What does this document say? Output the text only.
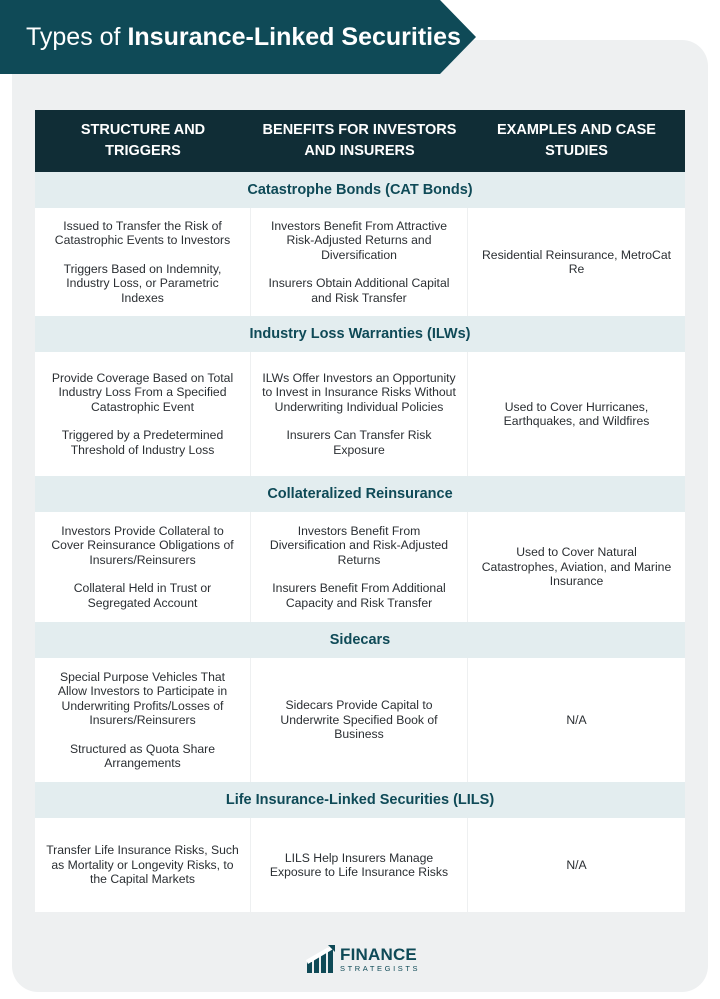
Types of Insurance-Linked Securities
STRUCTURE AND TRIGGERS
BENEFITS FOR INVESTORS AND INSURERS
EXAMPLES AND CASE STUDIES
Catastrophe Bonds (CAT Bonds)

Issued to Transfer the Risk of Catastrophic Events to Investors

Triggers Based on Indemnity, Industry Loss, or Parametric Indexes

Investors Benefit From Attractive Risk-Adjusted Returns and Diversification

Insurers Obtain Additional Capital and Risk Transfer

Residential Reinsurance, MetroCat Re

Industry Loss Warranties (ILWs)

Provide Coverage Based on Total Industry Loss From a Specified Catastrophic Event

Triggered by a Predetermined Threshold of Industry Loss

ILWs Offer Investors an Opportunity to Invest in Insurance Risks Without Underwriting Individual Policies

Insurers Can Transfer Risk Exposure

Used to Cover Hurricanes, Earthquakes, and Wildfires

Collateralized Reinsurance

Investors Provide Collateral to Cover Reinsurance Obligations of Insurers/Reinsurers

Collateral Held in Trust or Segregated Account

Investors Benefit From Diversification and Risk-Adjusted Returns

Insurers Benefit From Additional Capacity and Risk Transfer

Used to Cover Natural Catastrophes, Aviation, and Marine Insurance

Sidecars

Special Purpose Vehicles That Allow Investors to Participate in Underwriting Profits/Losses of Insurers/Reinsurers

Structured as Quota Share Arrangements

Sidecars Provide Capital to Underwrite Specified Book of Business

N/A

Life Insurance-Linked Securities (LILS)

Transfer Life Insurance Risks, Such as Mortality or Longevity Risks, to the Capital Markets

LILS Help Insurers Manage Exposure to Life Insurance Risks

N/A

FINANCE
STRATEGISTS
